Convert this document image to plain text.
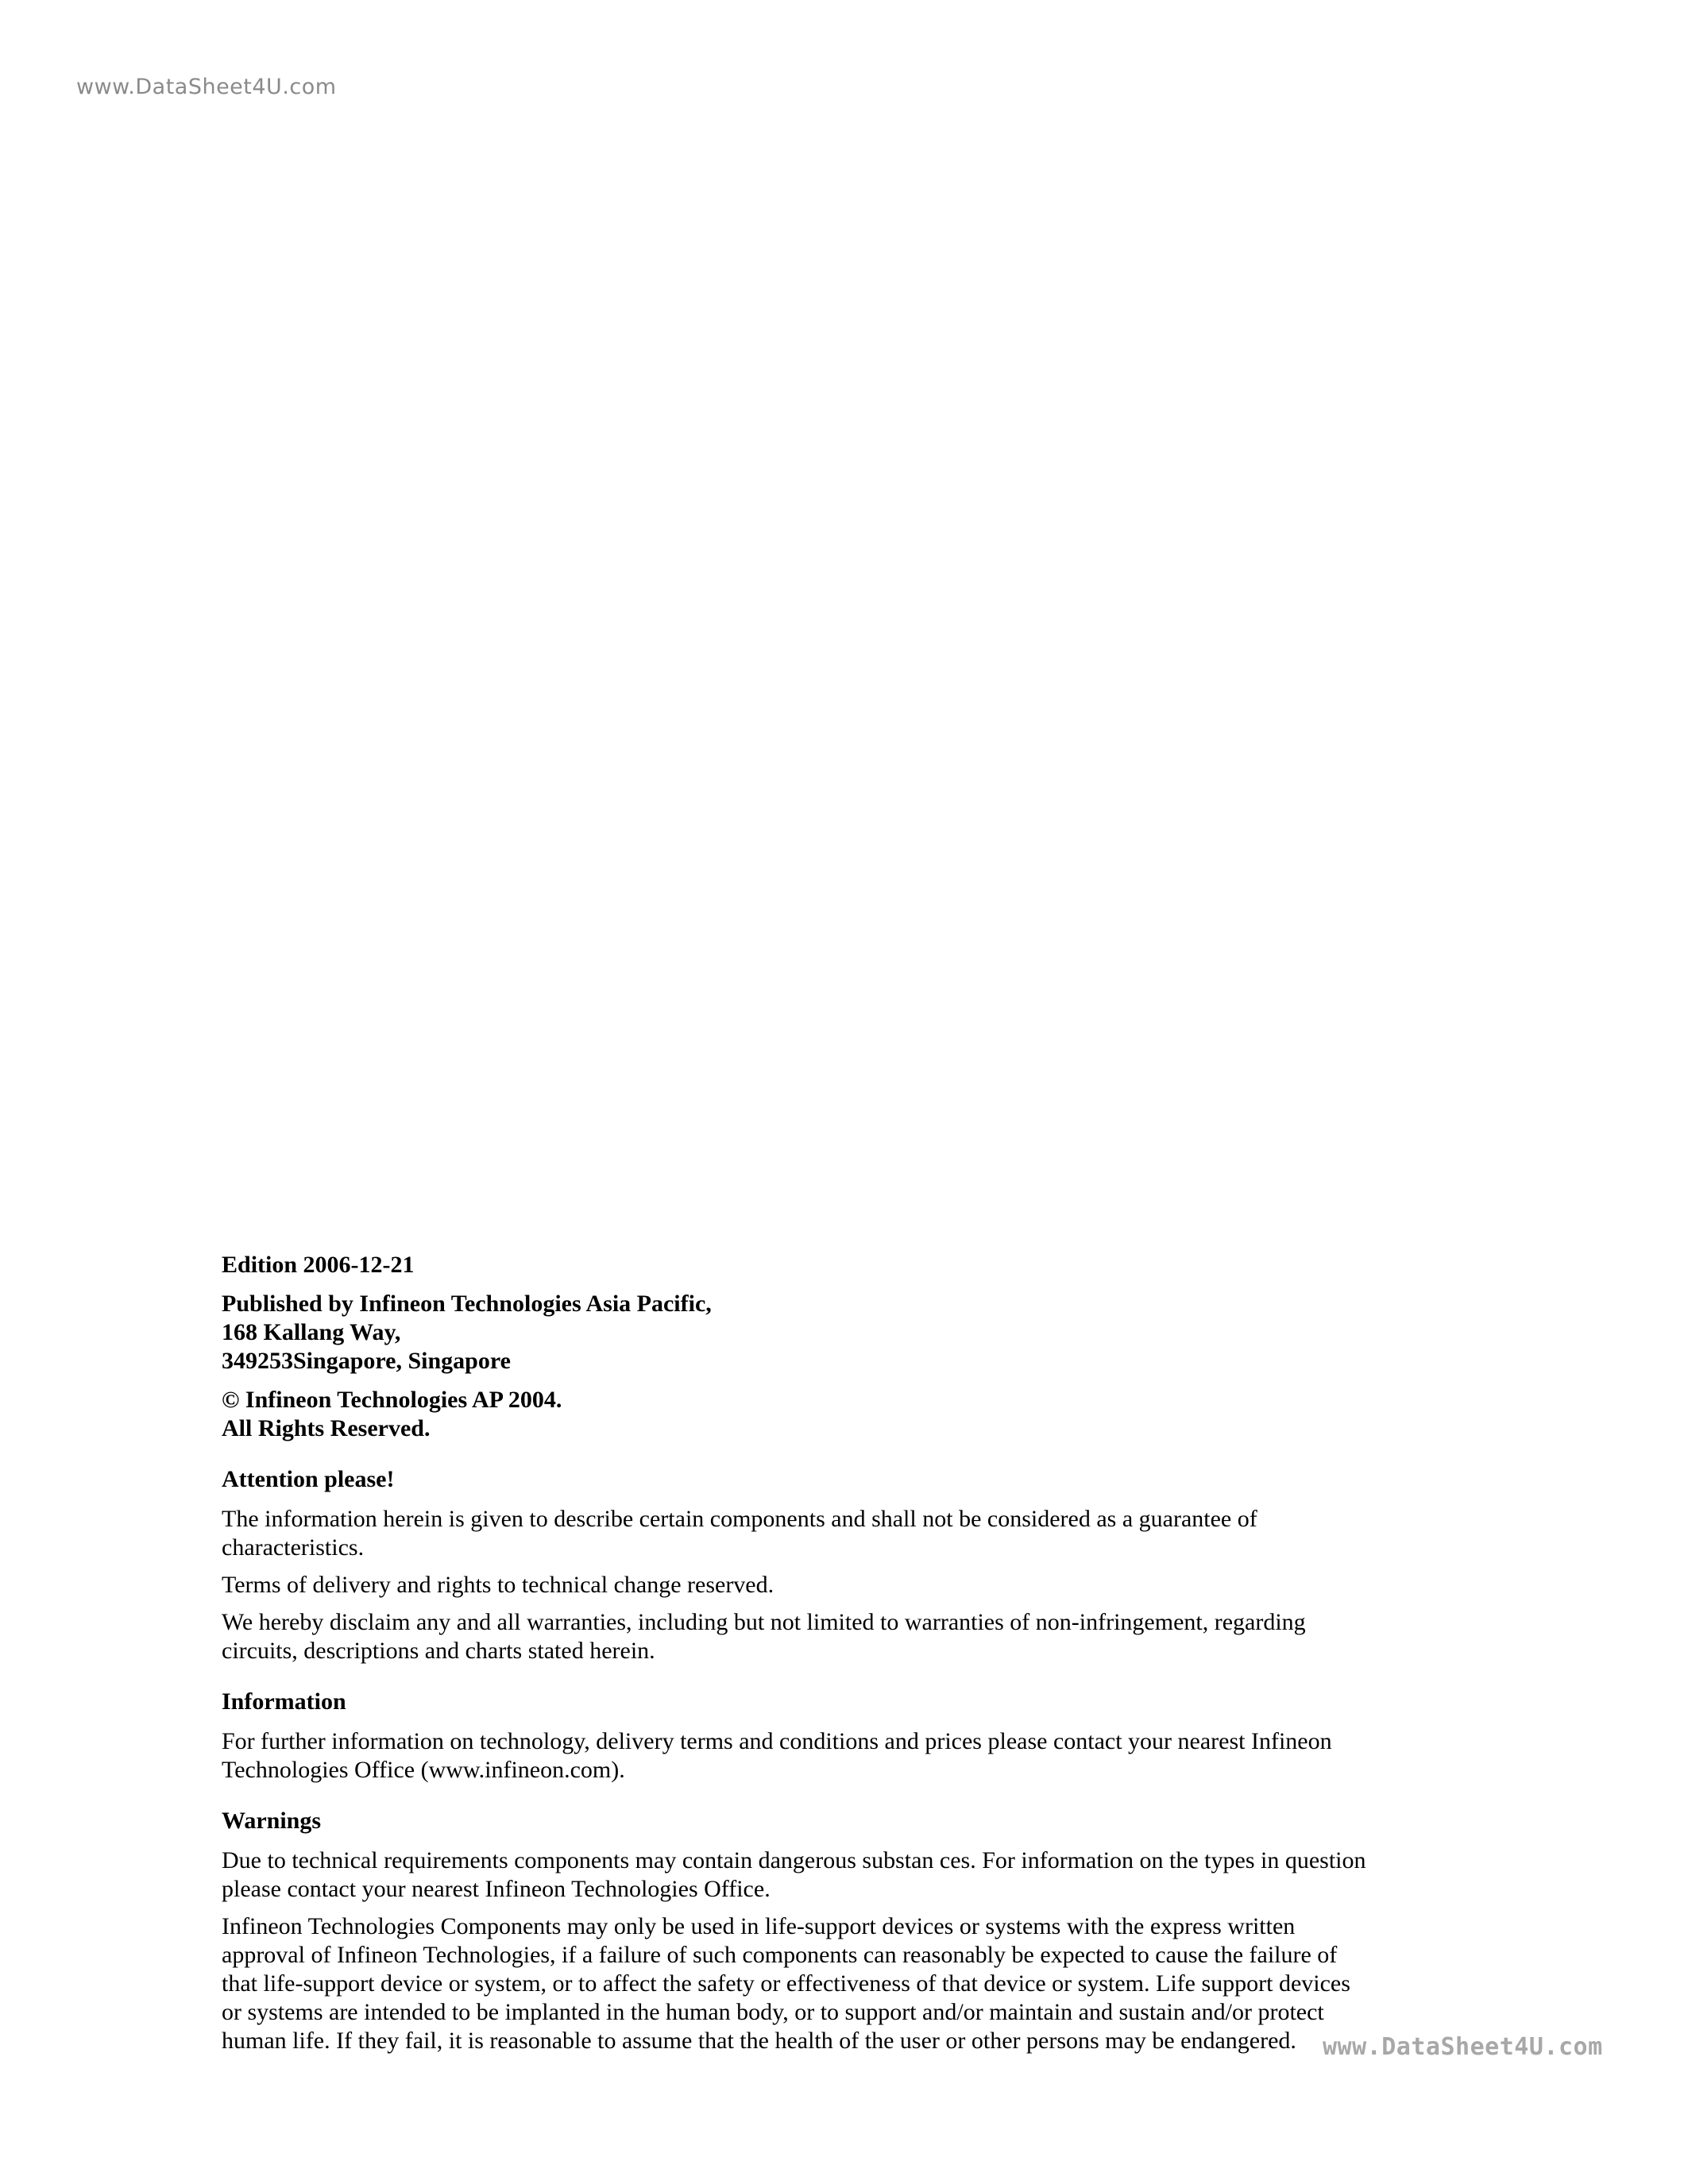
www.DataSheet4U.com
Edition 2006-12-21
Published by Infineon Technologies Asia Pacific,
168 Kallang Way,
349253Singapore, Singapore
© Infineon Technologies AP 2004.
All Rights Reserved.
Attention please!
The information herein is given to describe certain components and shall not be considered as a guarantee of
characteristics.
Terms of delivery and rights to technical change reserved.
We hereby disclaim any and all warranties, including but not limited to warranties of non-infringement, regarding
circuits, descriptions and charts stated herein.
Information
For further information on technology, delivery terms and conditions and prices please contact your nearest Infineon
Technologies Office (www.infineon.com).
Warnings
Due to technical requirements components may contain dangerous substan ces. For information on the types in question
please contact your nearest Infineon Technologies Office.
Infineon Technologies Components may only be used in life-support devices or systems with the express written
approval of Infineon Technologies, if a failure of such components can reasonably be expected to cause the failure of
that life-support device or system, or to affect the safety or effectiveness of that device or system. Life support devices
or systems are intended to be implanted in the human body, or to support and/or maintain and sustain and/or protect
human life. If they fail, it is reasonable to assume that the health of the user or other persons may be endangered.	www.DataSheet4U.com
